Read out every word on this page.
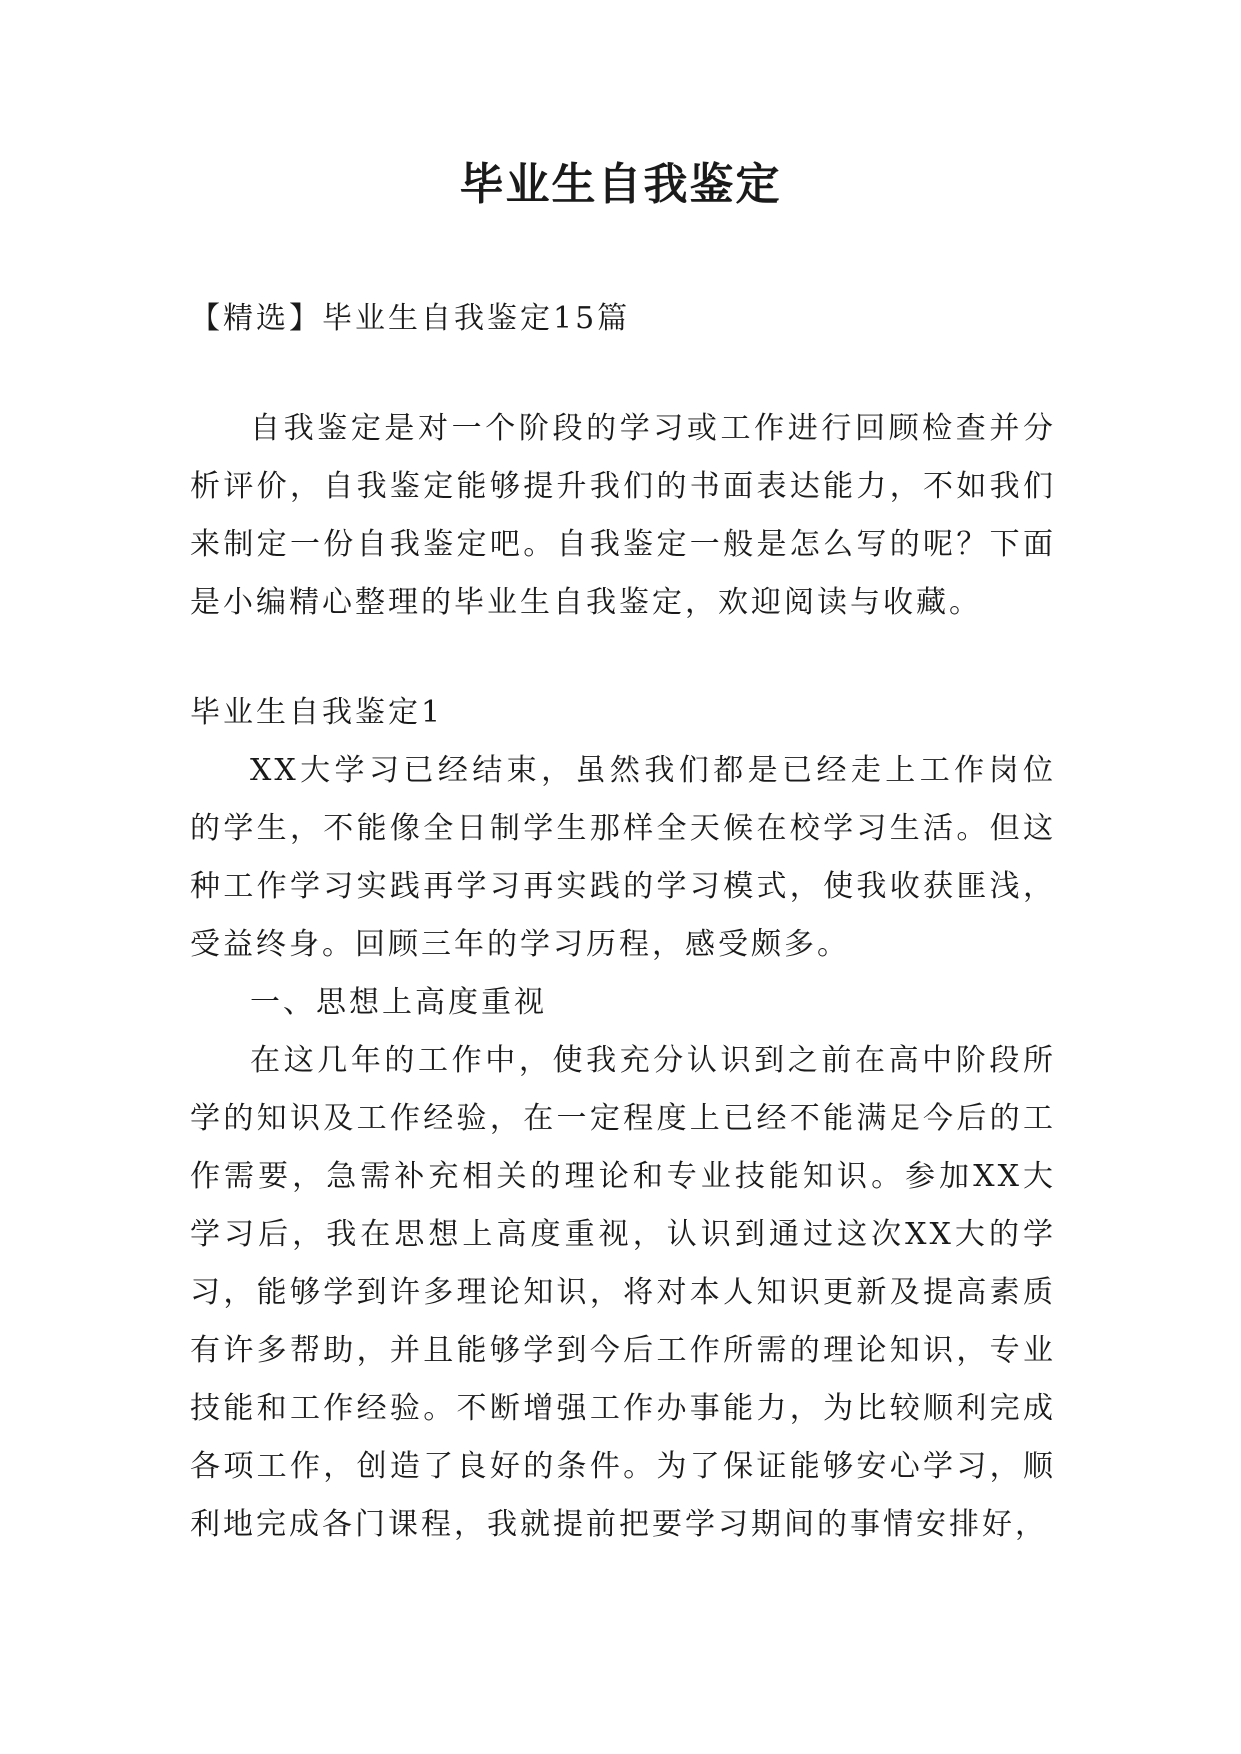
毕业生自我鉴定

【精选】毕业生自我鉴定15篇

自我鉴定是对一个阶段的学习或工作进行回顾检查并分析评价，自我鉴定能够提升我们的书面表达能力，不如我们来制定一份自我鉴定吧。自我鉴定一般是怎么写的呢？下面是小编精心整理的毕业生自我鉴定，欢迎阅读与收藏。

毕业生自我鉴定1

XX大学习已经结束，虽然我们都是已经走上工作岗位的学生，不能像全日制学生那样全天候在校学习生活。但这种工作学习实践再学习再实践的学习模式，使我收获匪浅，受益终身。回顾三年的学习历程，感受颇多。

一、思想上高度重视

在这几年的工作中，使我充分认识到之前在高中阶段所学的知识及工作经验，在一定程度上已经不能满足今后的工作需要，急需补充相关的理论和专业技能知识。参加XX大学习后，我在思想上高度重视，认识到通过这次XX大的学习，能够学到许多理论知识，将对本人知识更新及提高素质有许多帮助，并且能够学到今后工作所需的理论知识，专业技能和工作经验。不断增强工作办事能力，为比较顺利完成各项工作，创造了良好的条件。为了保证能够安心学习，顺利地完成各门课程，我就提前把要学习期间的事情安排好，
